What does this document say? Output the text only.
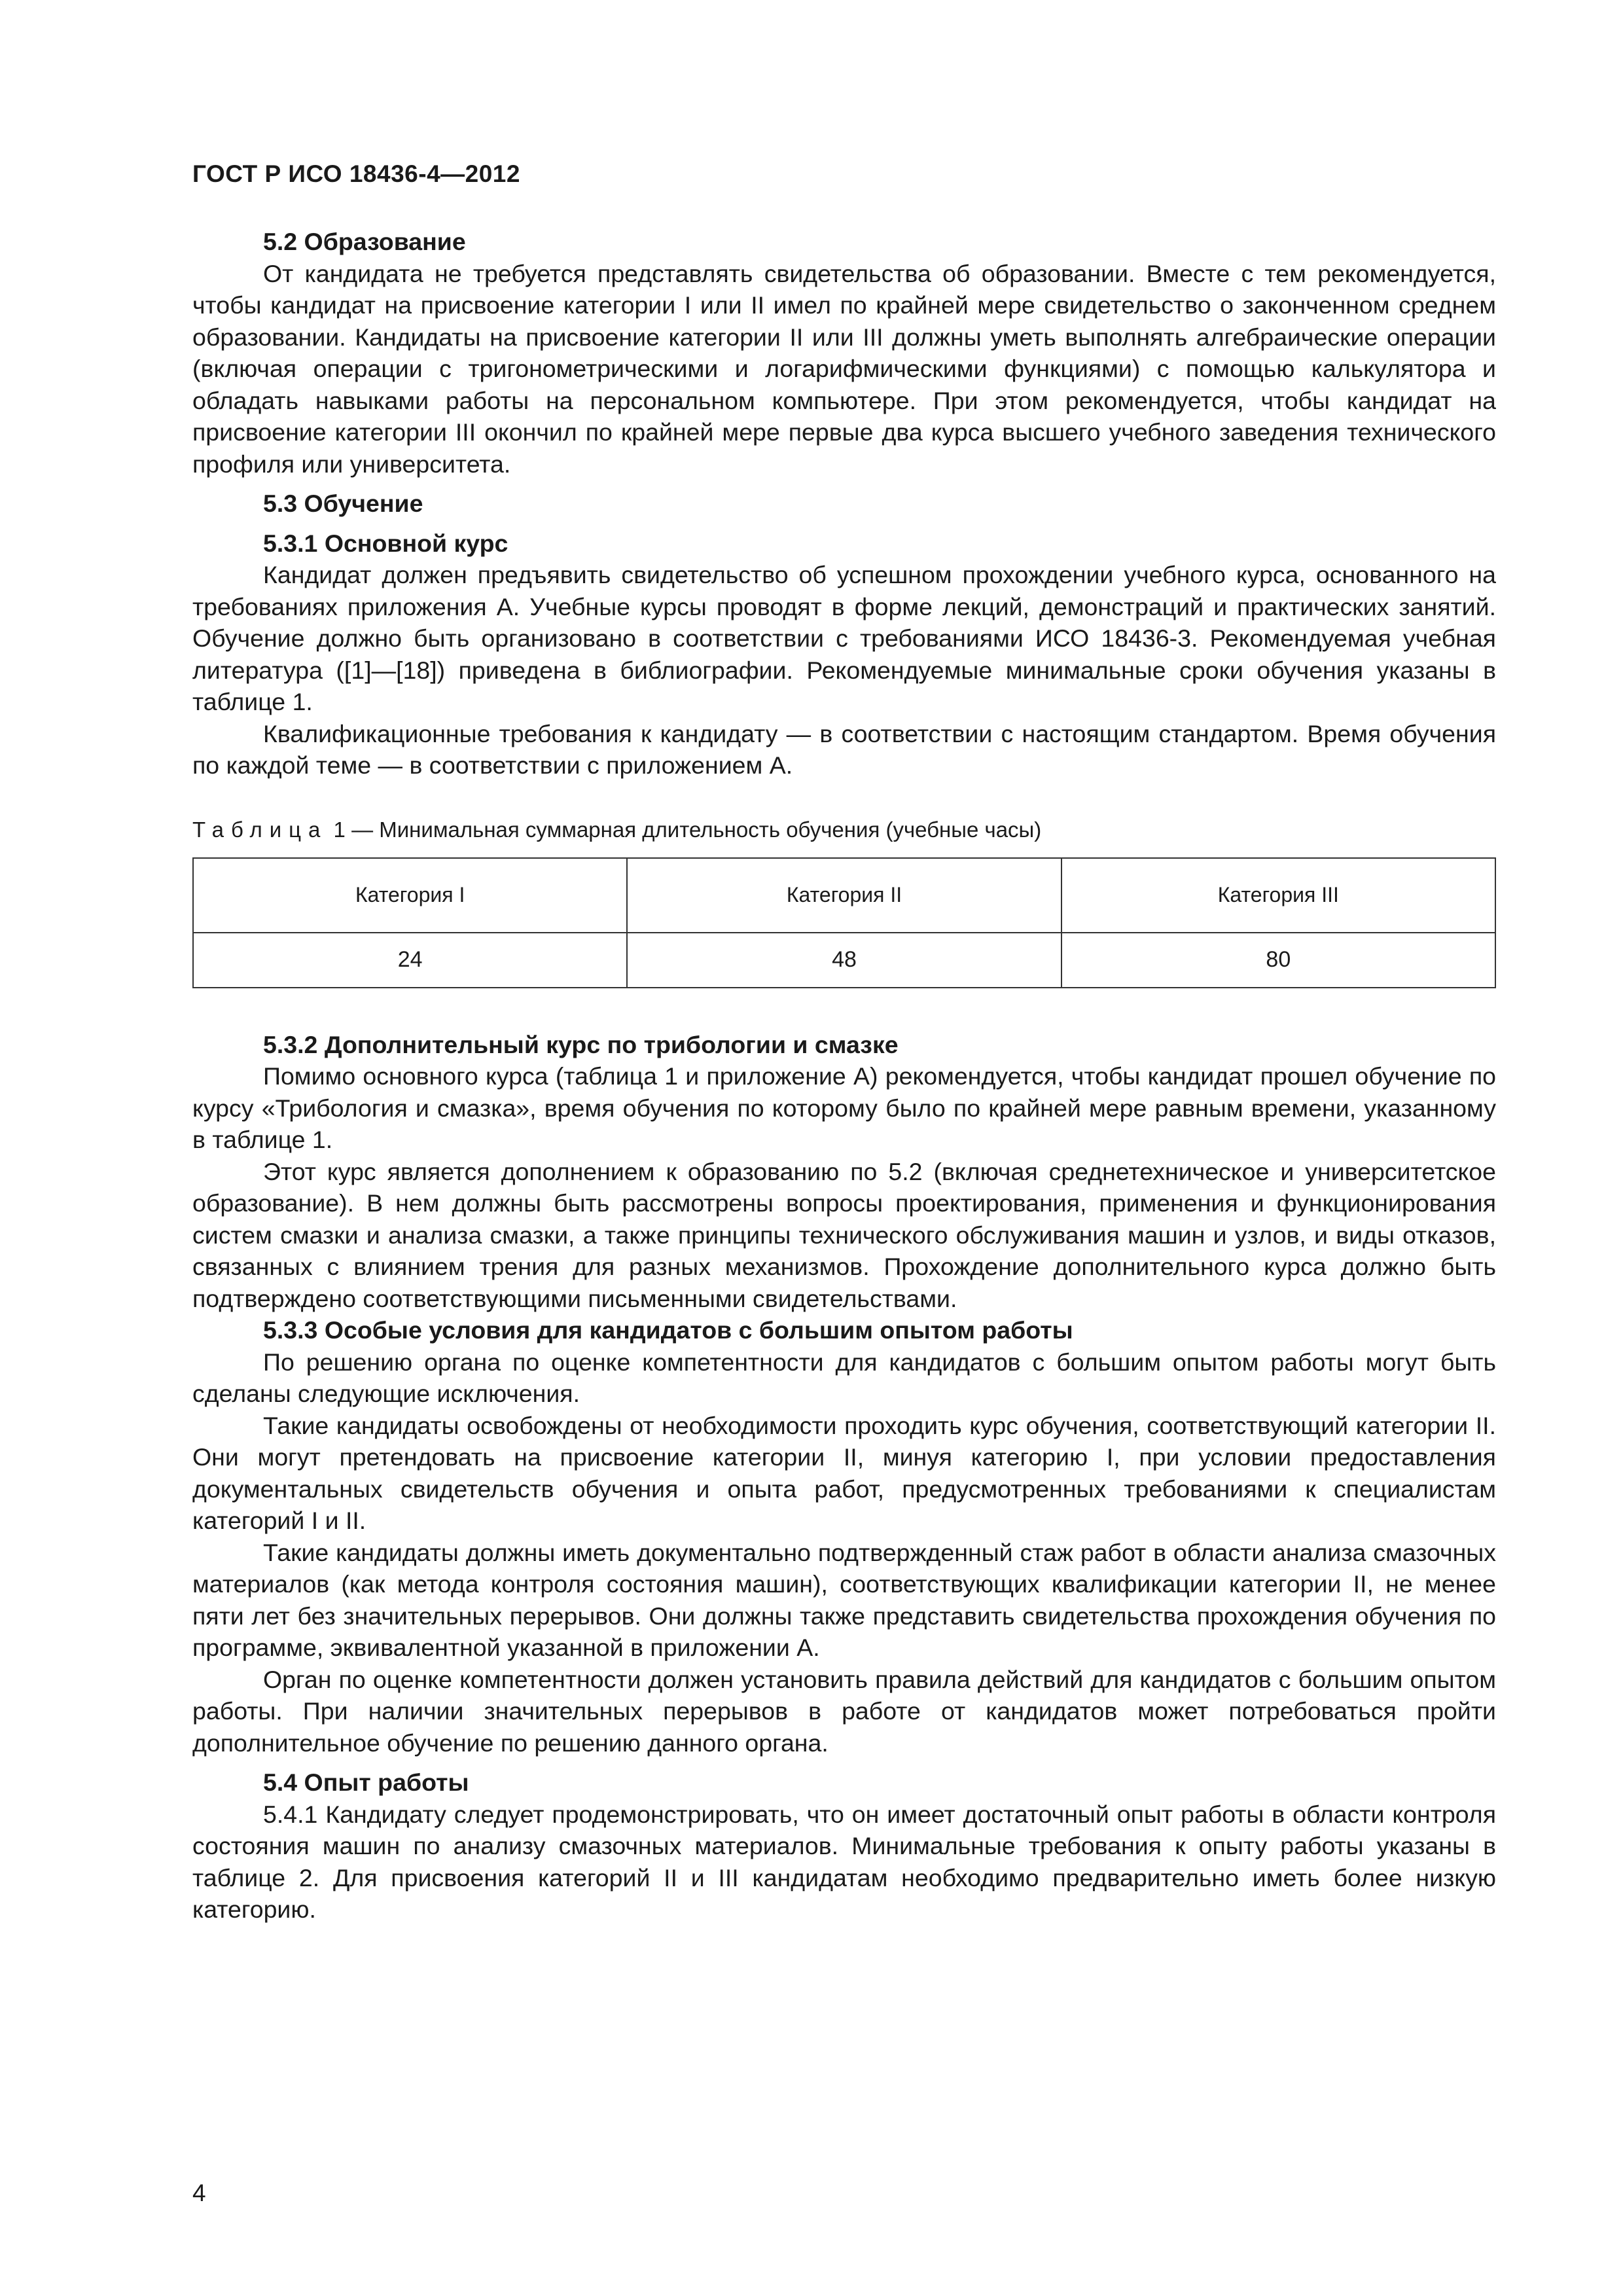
ГОСТ Р ИСО 18436-4—2012
5.2 Образование

От кандидата не требуется представлять свидетельства об образовании. Вместе с тем рекомендуется, чтобы кандидат на присвоение категории I или II имел по крайней мере свидетельство о законченном среднем образовании. Кандидаты на присвоение категории II или III должны уметь выполнять алгебраические операции (включая операции с тригонометрическими и логарифмическими функциями) с помощью калькулятора и обладать навыками работы на персональном компьютере. При этом рекомендуется, чтобы кандидат на присвоение категории III окончил по крайней мере первые два курса высшего учебного заведения технического профиля или университета.

5.3 Обучение
5.3.1 Основной курс

Кандидат должен предъявить свидетельство об успешном прохождении учебного курса, основанного на требованиях приложения А. Учебные курсы проводят в форме лекций, демонстраций и практических занятий. Обучение должно быть организовано в соответствии с требованиями ИСО 18436-3. Рекомендуемая учебная литература ([1]—[18]) приведена в библиографии. Рекомендуемые минимальные сроки обучения указаны в таблице 1.

Квалификационные требования к кандидату — в соответствии с настоящим стандартом. Время обучения по каждой теме — в соответствии с приложением А.

Таблица 1 — Минимальная суммарная длительность обучения (учебные часы)
Категория I	Категория II	Категория III
24	48	80
5.3.2 Дополнительный курс по трибологии и смазке

Помимо основного курса (таблица 1 и приложение А) рекомендуется, чтобы кандидат прошел обучение по курсу «Трибология и смазка», время обучения по которому было по крайней мере равным времени, указанному в таблице 1.

Этот курс является дополнением к образованию по 5.2 (включая среднетехническое и университетское образование). В нем должны быть рассмотрены вопросы проектирования, применения и функционирования систем смазки и анализа смазки, а также принципы технического обслуживания машин и узлов, и виды отказов, связанных с влиянием трения для разных механизмов. Прохождение дополнительного курса должно быть подтверждено соответствующими письменными свидетельствами.

5.3.3 Особые условия для кандидатов с большим опытом работы

По решению органа по оценке компетентности для кандидатов с большим опытом работы могут быть сделаны следующие исключения.

Такие кандидаты освобождены от необходимости проходить курс обучения, соответствующий категории II. Они могут претендовать на присвоение категории II, минуя категорию I, при условии предоставления документальных свидетельств обучения и опыта работ, предусмотренных требованиями к специалистам категорий I и II.

Такие кандидаты должны иметь документально подтвержденный стаж работ в области анализа смазочных материалов (как метода контроля состояния машин), соответствующих квалификации категории II, не менее пяти лет без значительных перерывов. Они должны также представить свидетельства прохождения обучения по программе, эквивалентной указанной в приложении А.

Орган по оценке компетентности должен установить правила действий для кандидатов с большим опытом работы. При наличии значительных перерывов в работе от кандидатов может потребоваться пройти дополнительное обучение по решению данного органа.

5.4 Опыт работы

5.4.1 Кандидату следует продемонстрировать, что он имеет достаточный опыт работы в области контроля состояния машин по анализу смазочных материалов. Минимальные требования к опыту работы указаны в таблице 2. Для присвоения категорий II и III кандидатам необходимо предварительно иметь более низкую категорию.

4
